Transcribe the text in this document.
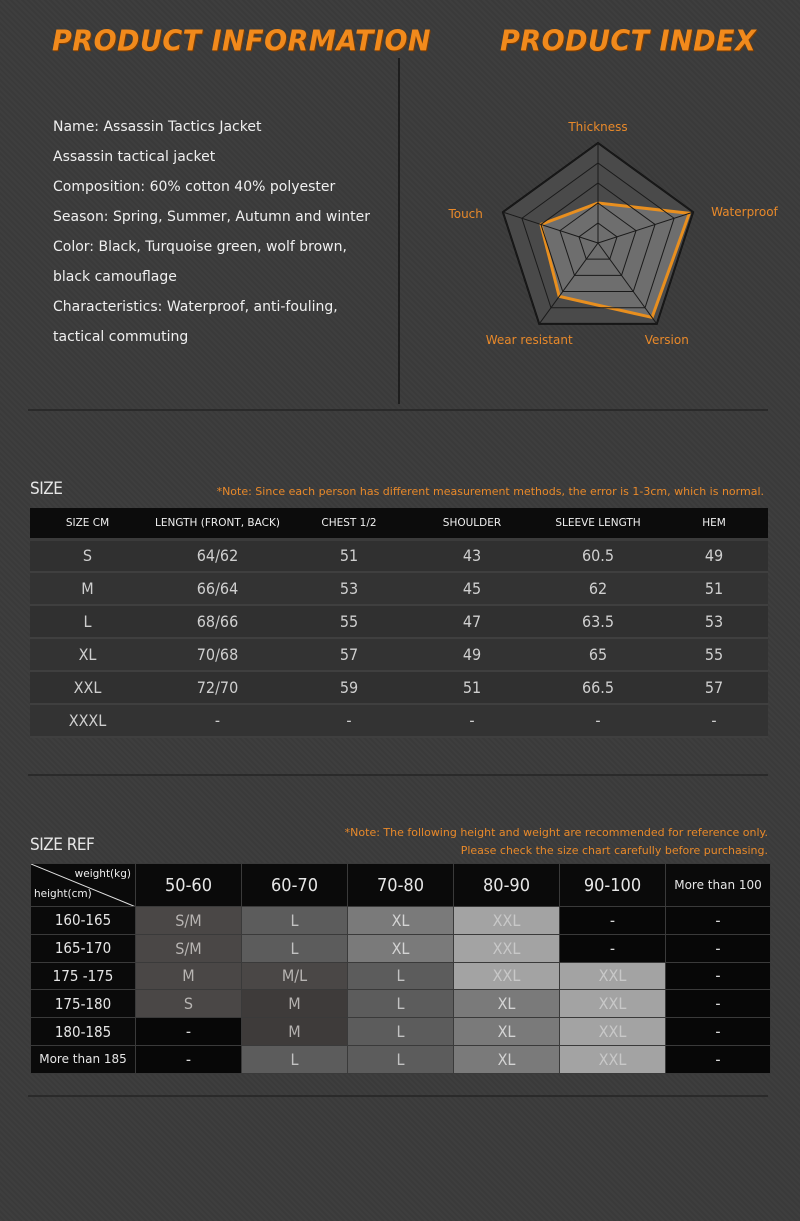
PRODUCT INFORMATION	PRODUCT INDEX
Name: Assassin Tactics Jacket
Assassin tactical jacket
Composition: 60% cotton 40% polyester
Season: Spring, Summer, Autumn and winter
Color: Black, Turquoise green, wolf brown,
black camouflage
Characteristics: Waterproof, anti-fouling,
tactical commuting
Thickness
Waterproof
Version
Wear resistant
Touch
SIZE	*Note: Since each person has different measurement methods, the error is 1-3cm, which is normal.
SIZE CM	LENGTH (FRONT, BACK)	CHEST 1/2	SHOULDER	SLEEVE LENGTH	HEM
S	64/62	51	43	60.5	49
M	66/64	53	45	62	51
L	68/66	55	47	63.5	53
XL	70/68	57	49	65	55
XXL	72/70	59	51	66.5	57
XXXL	-	-	-	-	-
SIZE REF
*Note: The following height and weight are recommended for reference only.
Please check the size chart carefully before purchasing.
weight(kg)
height(cm)	50-60	60-70	70-80	80-90	90-100	More than 100
160-165	S/M	L	XL	XXL	-	-
165-170	S/M	L	XL	XXL	-	-
175 -175	M	M/L	L	XXL	XXL	-
175-180	S	M	L	XL	XXL	-
180-185	-	M	L	XL	XXL	-
More than 185	-	L	L	XL	XXL	-
